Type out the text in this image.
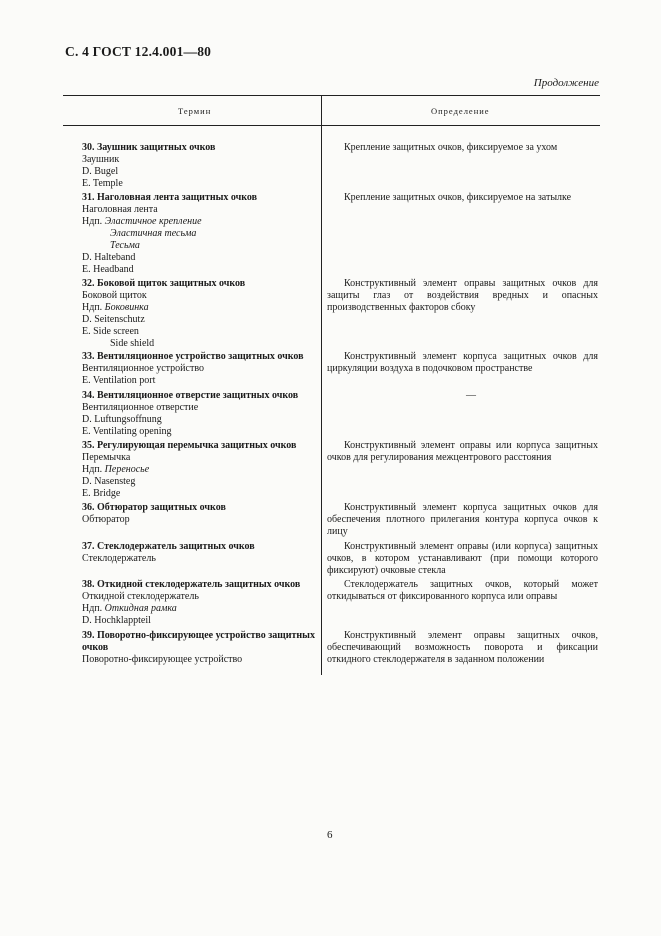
С. 4 ГОСТ 12.4.001—80
Продолжение
Термин	Определение
30. Заушник защитных очков
Заушник
D. Bugel
E. Temple
Крепление защитных очков, фиксируемое за ухом
31. Наголовная лента защитных очков
Наголовная лента
Ндп. Эластичное крепление
Эластичная тесьма
Тесьма
D. Halteband
E. Headband
Крепление защитных очков, фиксируемое на затылке
32. Боковой щиток защитных очков
Боковой щиток
Ндп. Боковинка
D. Seitenschutz
E. Side screen
Side shield
Конструктивный элемент оправы защитных очков для защиты глаз от воздействия вредных и опасных производственных факторов сбоку
33. Вентиляционное устройство защитных очков
Вентиляционное устройство
E. Ventilation port
Конструктивный элемент корпуса защитных очков для циркуляции воздуха в подочковом пространстве
34. Вентиляционное отверстие защитных очков
Вентиляционное отверстие
D. Luftungsoffnung
E. Ventilating opening
—
35. Регулирующая перемычка защитных очков
Перемычка
Ндп. Переносье
D. Nasensteg
E. Bridge
Конструктивный элемент оправы или корпуса защитных очков для регулирования межцентрового расстояния
36. Обтюратор защитных очков
Обтюратор
Конструктивный элемент корпуса защитных очков для обеспечения плотного прилегания контура корпуса очков к лицу
37. Стеклодержатель защитных очков
Стеклодержатель
Конструктивный элемент оправы (или корпуса) защитных очков, в котором устанавливают (при помощи которого фиксируют) очковые стекла
38. Откидной стеклодержатель защитных очков
Откидной стеклодержатель
Ндп. Откидная рамка
D. Hochklappteil
Стеклодержатель защитных очков, который может откидываться от фиксированного корпуса или оправы
39. Поворотно-фиксирующее устройство защитных очков
Поворотно-фиксирующее устройство
Конструктивный элемент оправы защитных очков, обеспечивающий возможность поворота и фиксации откидного стеклодержателя в заданном положении
6
